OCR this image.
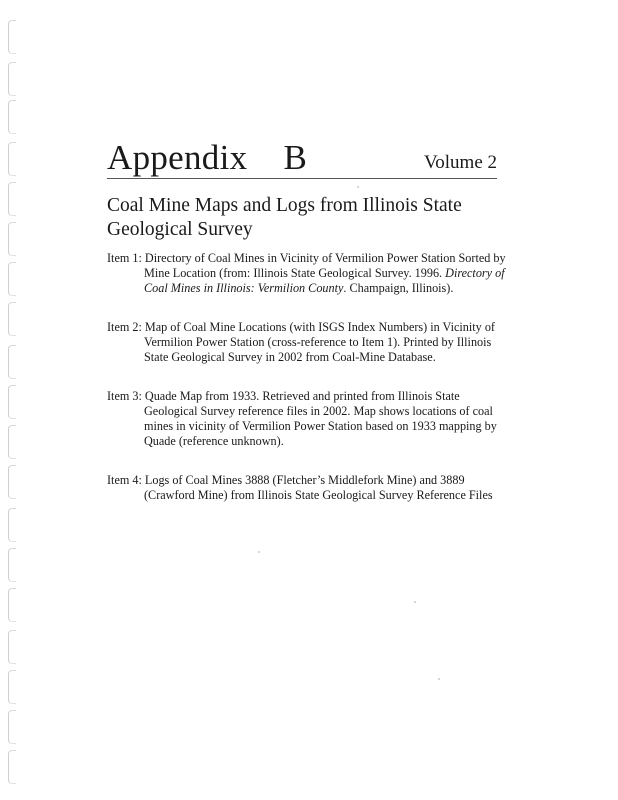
Appendix B	Volume 2
Coal Mine Maps and Logs from Illinois State
Geological Survey

Item 1: Directory of Coal Mines in Vicinity of Vermilion Power Station Sorted by Mine Location (from: Illinois State Geological Survey. 1996. Directory of Coal Mines in Illinois: Vermilion County. Champaign, Illinois).

Item 2: Map of Coal Mine Locations (with ISGS Index Numbers) in Vicinity of Vermilion Power Station (cross-reference to Item 1). Printed by Illinois State Geological Survey in 2002 from Coal-Mine Database.

Item 3: Quade Map from 1933. Retrieved and printed from Illinois State Geological Survey reference files in 2002. Map shows locations of coal mines in vicinity of Vermilion Power Station based on 1933 mapping by Quade (reference unknown).

Item 4: Logs of Coal Mines 3888 (Fletcher’s Middlefork Mine) and 3889 (Crawford Mine) from Illinois State Geological Survey Reference Files
